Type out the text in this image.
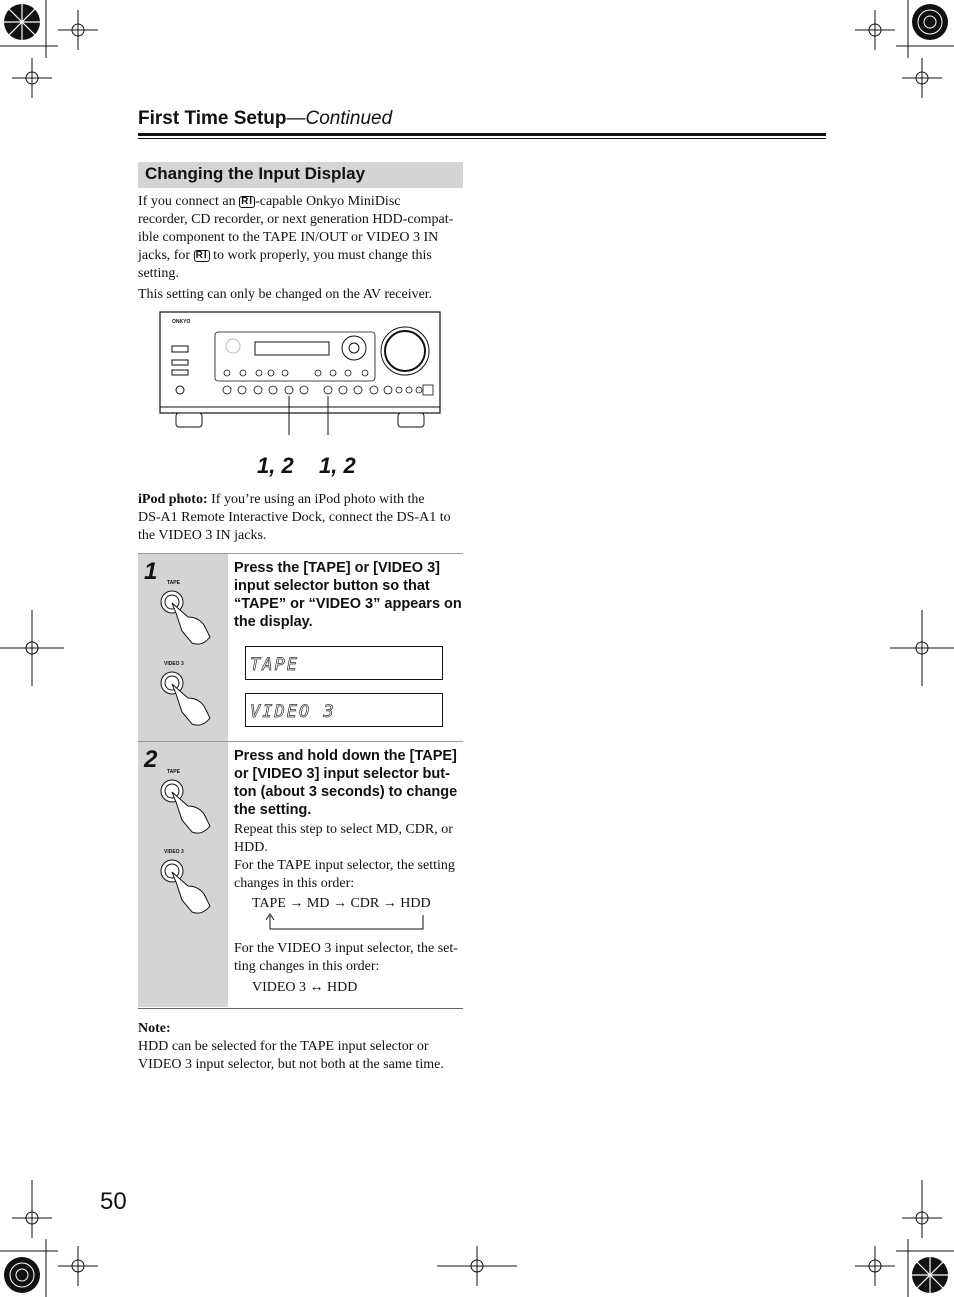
First Time Setup—Continued
Changing the Input Display
If you connect an RI -capable Onkyo MiniDisc
recorder, CD recorder, or next generation HDD-compat-
ible component to the TAPE IN/OUT or VIDEO 3 IN
jacks, for RI to work properly, you must change this
setting.
This setting can only be changed on the AV receiver.
ONKYO
1, 2 1, 2
iPod photo: If you’re using an iPod photo with the
DS-A1 Remote Interactive Dock, connect the DS-A1 to
the VIDEO 3 IN jacks.
1 TAPE
VIDEO 3
Press the [TAPE] or [VIDEO 3]
input selector button so that
“TAPE” or “VIDEO 3” appears on
the display.
TAPE
VIDEO 3
2 TAPE
VIDEO 3
Press and hold down the [TAPE]
or [VIDEO 3] input selector but-
ton (about 3 seconds) to change
the setting.
Repeat this step to select MD, CDR, or
HDD.
For the TAPE input selector, the setting
changes in this order:
TAPE → MD → CDR → HDD
For the VIDEO 3 input selector, the set-
ting changes in this order:
VIDEO 3 ↔ HDD
Note:
HDD can be selected for the TAPE input selector or
VIDEO 3 input selector, but not both at the same time.
50
